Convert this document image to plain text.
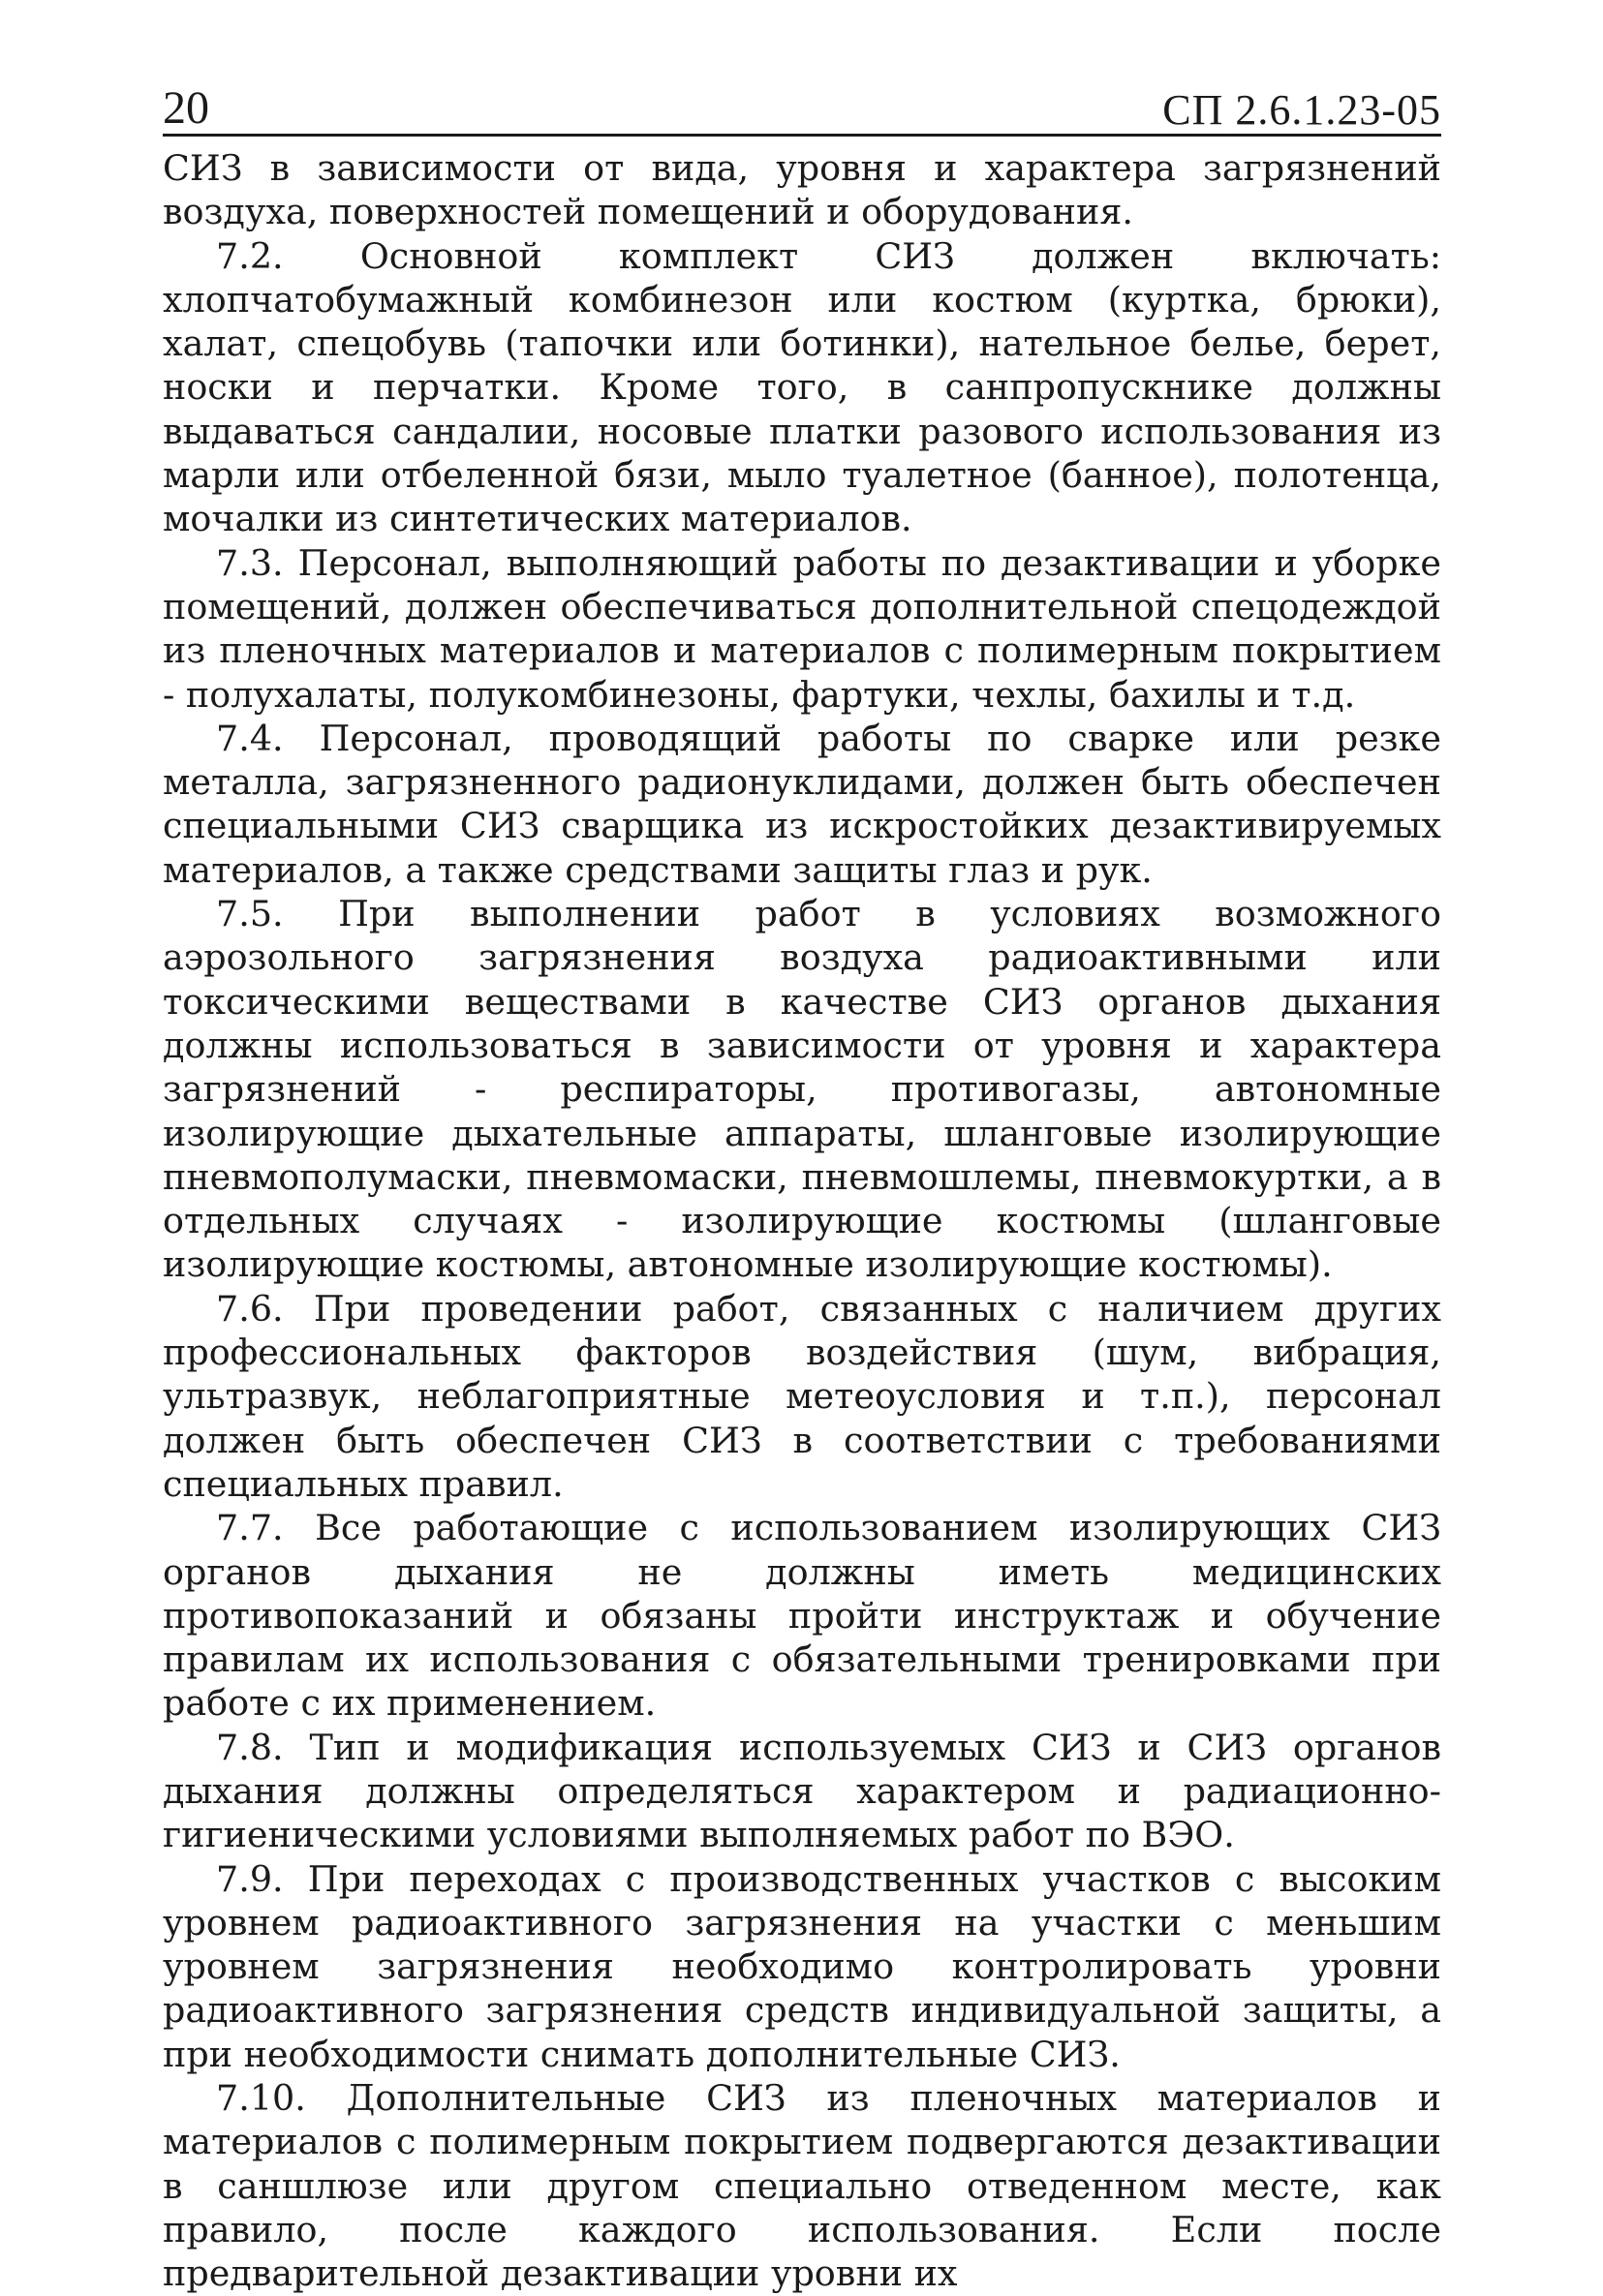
20	СП 2.6.1.23-05

СИЗ в зависимости от вида, уровня и характера загрязнений воздуха, поверхностей помещений и оборудования.

7.2. Основной комплект СИЗ должен включать: хлопчатобумажный комбинезон или костюм (куртка, брюки), халат, спецобувь (тапочки или ботинки), нательное белье, берет, носки и перчатки. Кроме того, в санпропускнике должны выдаваться сандалии, носовые платки разового использования из марли или отбеленной бязи, мыло туалетное (банное), полотенца, мочалки из синтетических материалов.

7.3. Персонал, выполняющий работы по дезактивации и уборке помещений, должен обеспечиваться дополнительной спецодеждой из пленочных материалов и материалов с полимерным покрытием - полухалаты, полукомбинезоны, фартуки, чехлы, бахилы и т.д.

7.4. Персонал, проводящий работы по сварке или резке металла, загрязненного радионуклидами, должен быть обеспечен специальными СИЗ сварщика из искростойких дезактивируемых материалов, а также средствами защиты глаз и рук.

7.5. При выполнении работ в условиях возможного аэрозольного загрязнения воздуха радиоактивными или токсическими веществами в качестве СИЗ органов дыхания должны использоваться в зависимости от уровня и характера загрязнений - респираторы, противогазы, автономные изолирующие дыхательные аппараты, шланговые изолирующие пневмополумаски, пневмомаски, пневмошлемы, пневмокуртки, а в отдельных случаях - изолирующие костюмы (шланговые изолирующие костюмы, автономные изолирующие костюмы).

7.6. При проведении работ, связанных с наличием других профессиональных факторов воздействия (шум, вибрация, ультразвук, неблагоприятные метеоусловия и т.п.), персонал должен быть обеспечен СИЗ в соответствии с требованиями специальных правил.

7.7. Все работающие с использованием изолирующих СИЗ органов дыхания не должны иметь медицинских противопоказаний и обязаны пройти инструктаж и обучение правилам их использования с обязательными тренировками при работе с их применением.

7.8. Тип и модификация используемых СИЗ и СИЗ органов дыхания должны определяться характером и радиационно-гигиеническими условиями выполняемых работ по ВЭО.

7.9. При переходах с производственных участков с высоким уровнем радиоактивного загрязнения на участки с меньшим уровнем загрязнения необходимо контролировать уровни радиоактивного загрязнения средств индивидуальной защиты, а при необходимости снимать дополнительные СИЗ.

7.10. Дополнительные СИЗ из пленочных материалов и материалов с полимерным покрытием подвергаются дезактивации в саншлюзе или другом специально отведенном месте, как правило, после каждого использования. Если после предварительной дезактивации уровни их
